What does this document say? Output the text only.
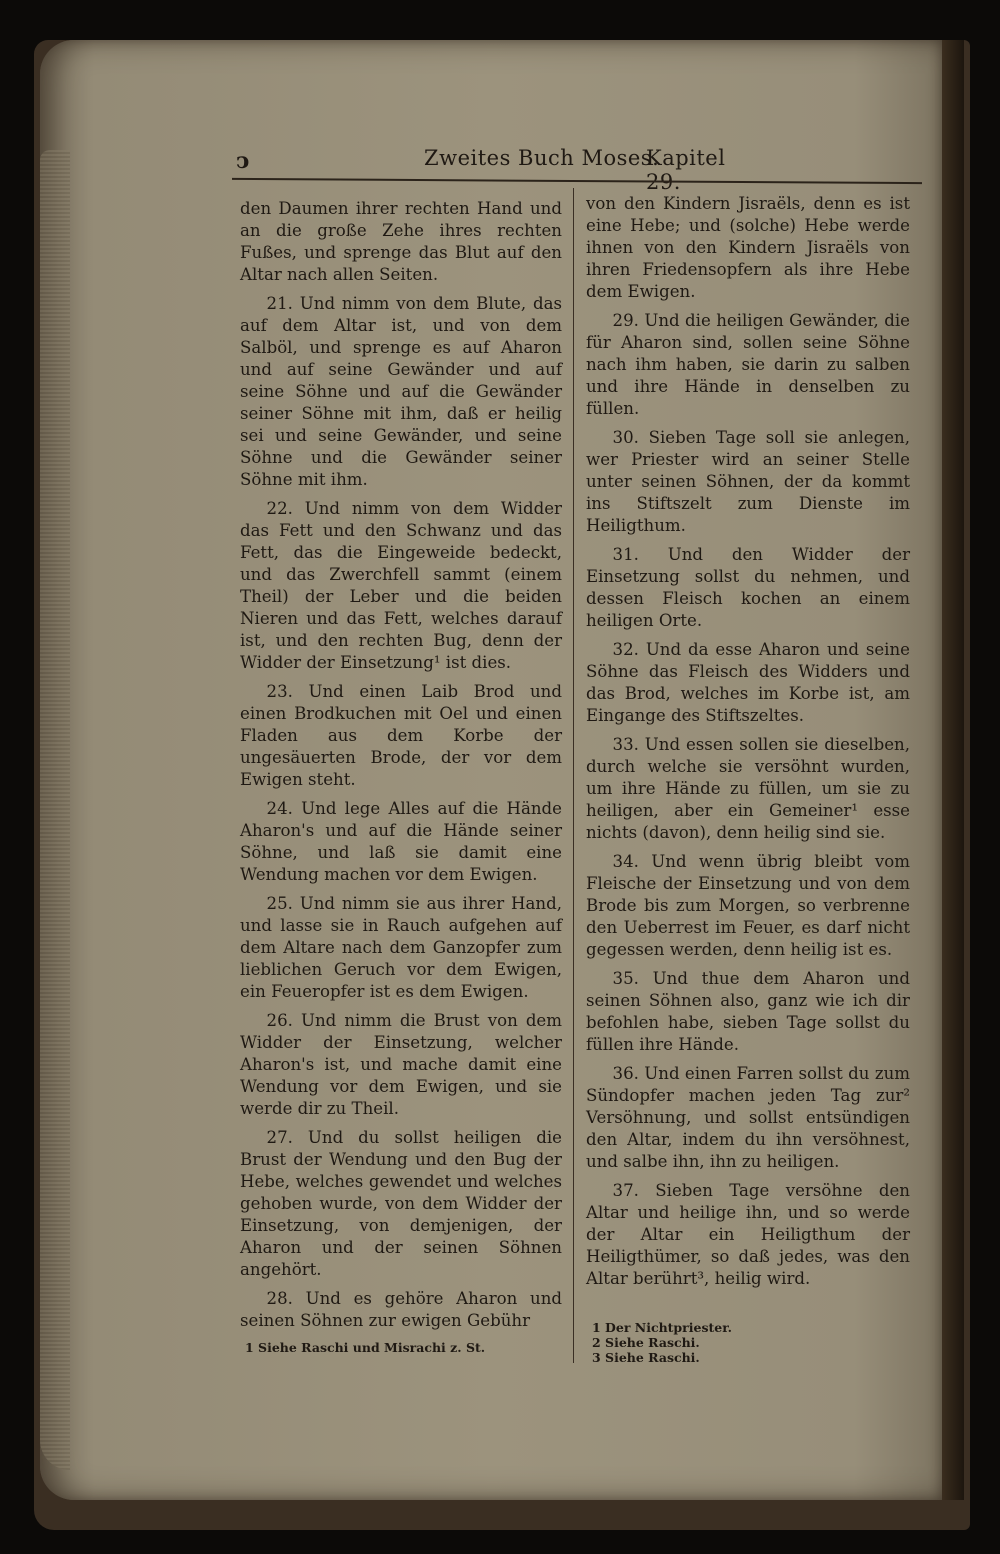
ↄ	Zweites Buch Moses.
Kapitel 29.

den Daumen ihrer rechten Hand und an die große Zehe ihres rechten Fußes, und sprenge das Blut auf den Altar nach allen Seiten.

21. Und nimm von dem Blute, das auf dem Altar ist, und von dem Salböl, und sprenge es auf Aharon und auf seine Gewänder und auf seine Söhne und auf die Gewänder seiner Söhne mit ihm, daß er heilig sei und seine Gewänder, und seine Söhne und die Gewänder seiner Söhne mit ihm.

22. Und nimm von dem Widder das Fett und den Schwanz und das Fett, das die Eingeweide bedeckt, und das Zwerchfell sammt (einem Theil) der Leber und die beiden Nieren und das Fett, welches darauf ist, und den rechten Bug, denn der Widder der Einsetzung¹ ist dies.

23. Und einen Laib Brod und einen Brodkuchen mit Oel und einen Fladen aus dem Korbe der ungesäuerten Brode, der vor dem Ewigen steht.

24. Und lege Alles auf die Hände Aharon's und auf die Hände seiner Söhne, und laß sie damit eine Wendung machen vor dem Ewigen.

25. Und nimm sie aus ihrer Hand, und lasse sie in Rauch aufgehen auf dem Altare nach dem Ganzopfer zum lieblichen Geruch vor dem Ewigen, ein Feueropfer ist es dem Ewigen.

26. Und nimm die Brust von dem Widder der Einsetzung, welcher Aharon's ist, und mache damit eine Wendung vor dem Ewigen, und sie werde dir zu Theil.

27. Und du sollst heiligen die Brust der Wendung und den Bug der Hebe, welches gewendet und welches gehoben wurde, von dem Widder der Einsetzung, von demjenigen, der Aharon und der seinen Söhnen angehört.

28. Und es gehöre Aharon und seinen Söhnen zur ewigen Gebühr

von den Kindern Jisraëls, denn es ist eine Hebe; und (solche) Hebe werde ihnen von den Kindern Jisraëls von ihren Friedensopfern als ihre Hebe dem Ewigen.

29. Und die heiligen Gewänder, die für Aharon sind, sollen seine Söhne nach ihm haben, sie darin zu salben und ihre Hände in denselben zu füllen.

30. Sieben Tage soll sie anlegen, wer Priester wird an seiner Stelle unter seinen Söhnen, der da kommt ins Stiftszelt zum Dienste im Heiligthum.

31. Und den Widder der Einsetzung sollst du nehmen, und dessen Fleisch kochen an einem heiligen Orte.

32. Und da esse Aharon und seine Söhne das Fleisch des Widders und das Brod, welches im Korbe ist, am Eingange des Stiftszeltes.

33. Und essen sollen sie dieselben, durch welche sie versöhnt wurden, um ihre Hände zu füllen, um sie zu heiligen, aber ein Gemeiner¹ esse nichts (davon), denn heilig sind sie.

34. Und wenn übrig bleibt vom Fleische der Einsetzung und von dem Brode bis zum Morgen, so verbrenne den Ueberrest im Feuer, es darf nicht gegessen werden, denn heilig ist es.

35. Und thue dem Aharon und seinen Söhnen also, ganz wie ich dir befohlen habe, sieben Tage sollst du füllen ihre Hände.

36. Und einen Farren sollst du zum Sündopfer machen jeden Tag zur² Versöhnung, und sollst entsündigen den Altar, indem du ihn versöhnest, und salbe ihn, ihn zu heiligen.

37. Sieben Tage versöhne den Altar und heilige ihn, und so werde der Altar ein Heiligthum der Heiligthümer, so daß jedes, was den Altar berührt³, heilig wird.

1 Siehe Raschi und Misrachi z. St.
1 Der Nichtpriester.
2 Siehe Raschi.
3 Siehe Raschi.
